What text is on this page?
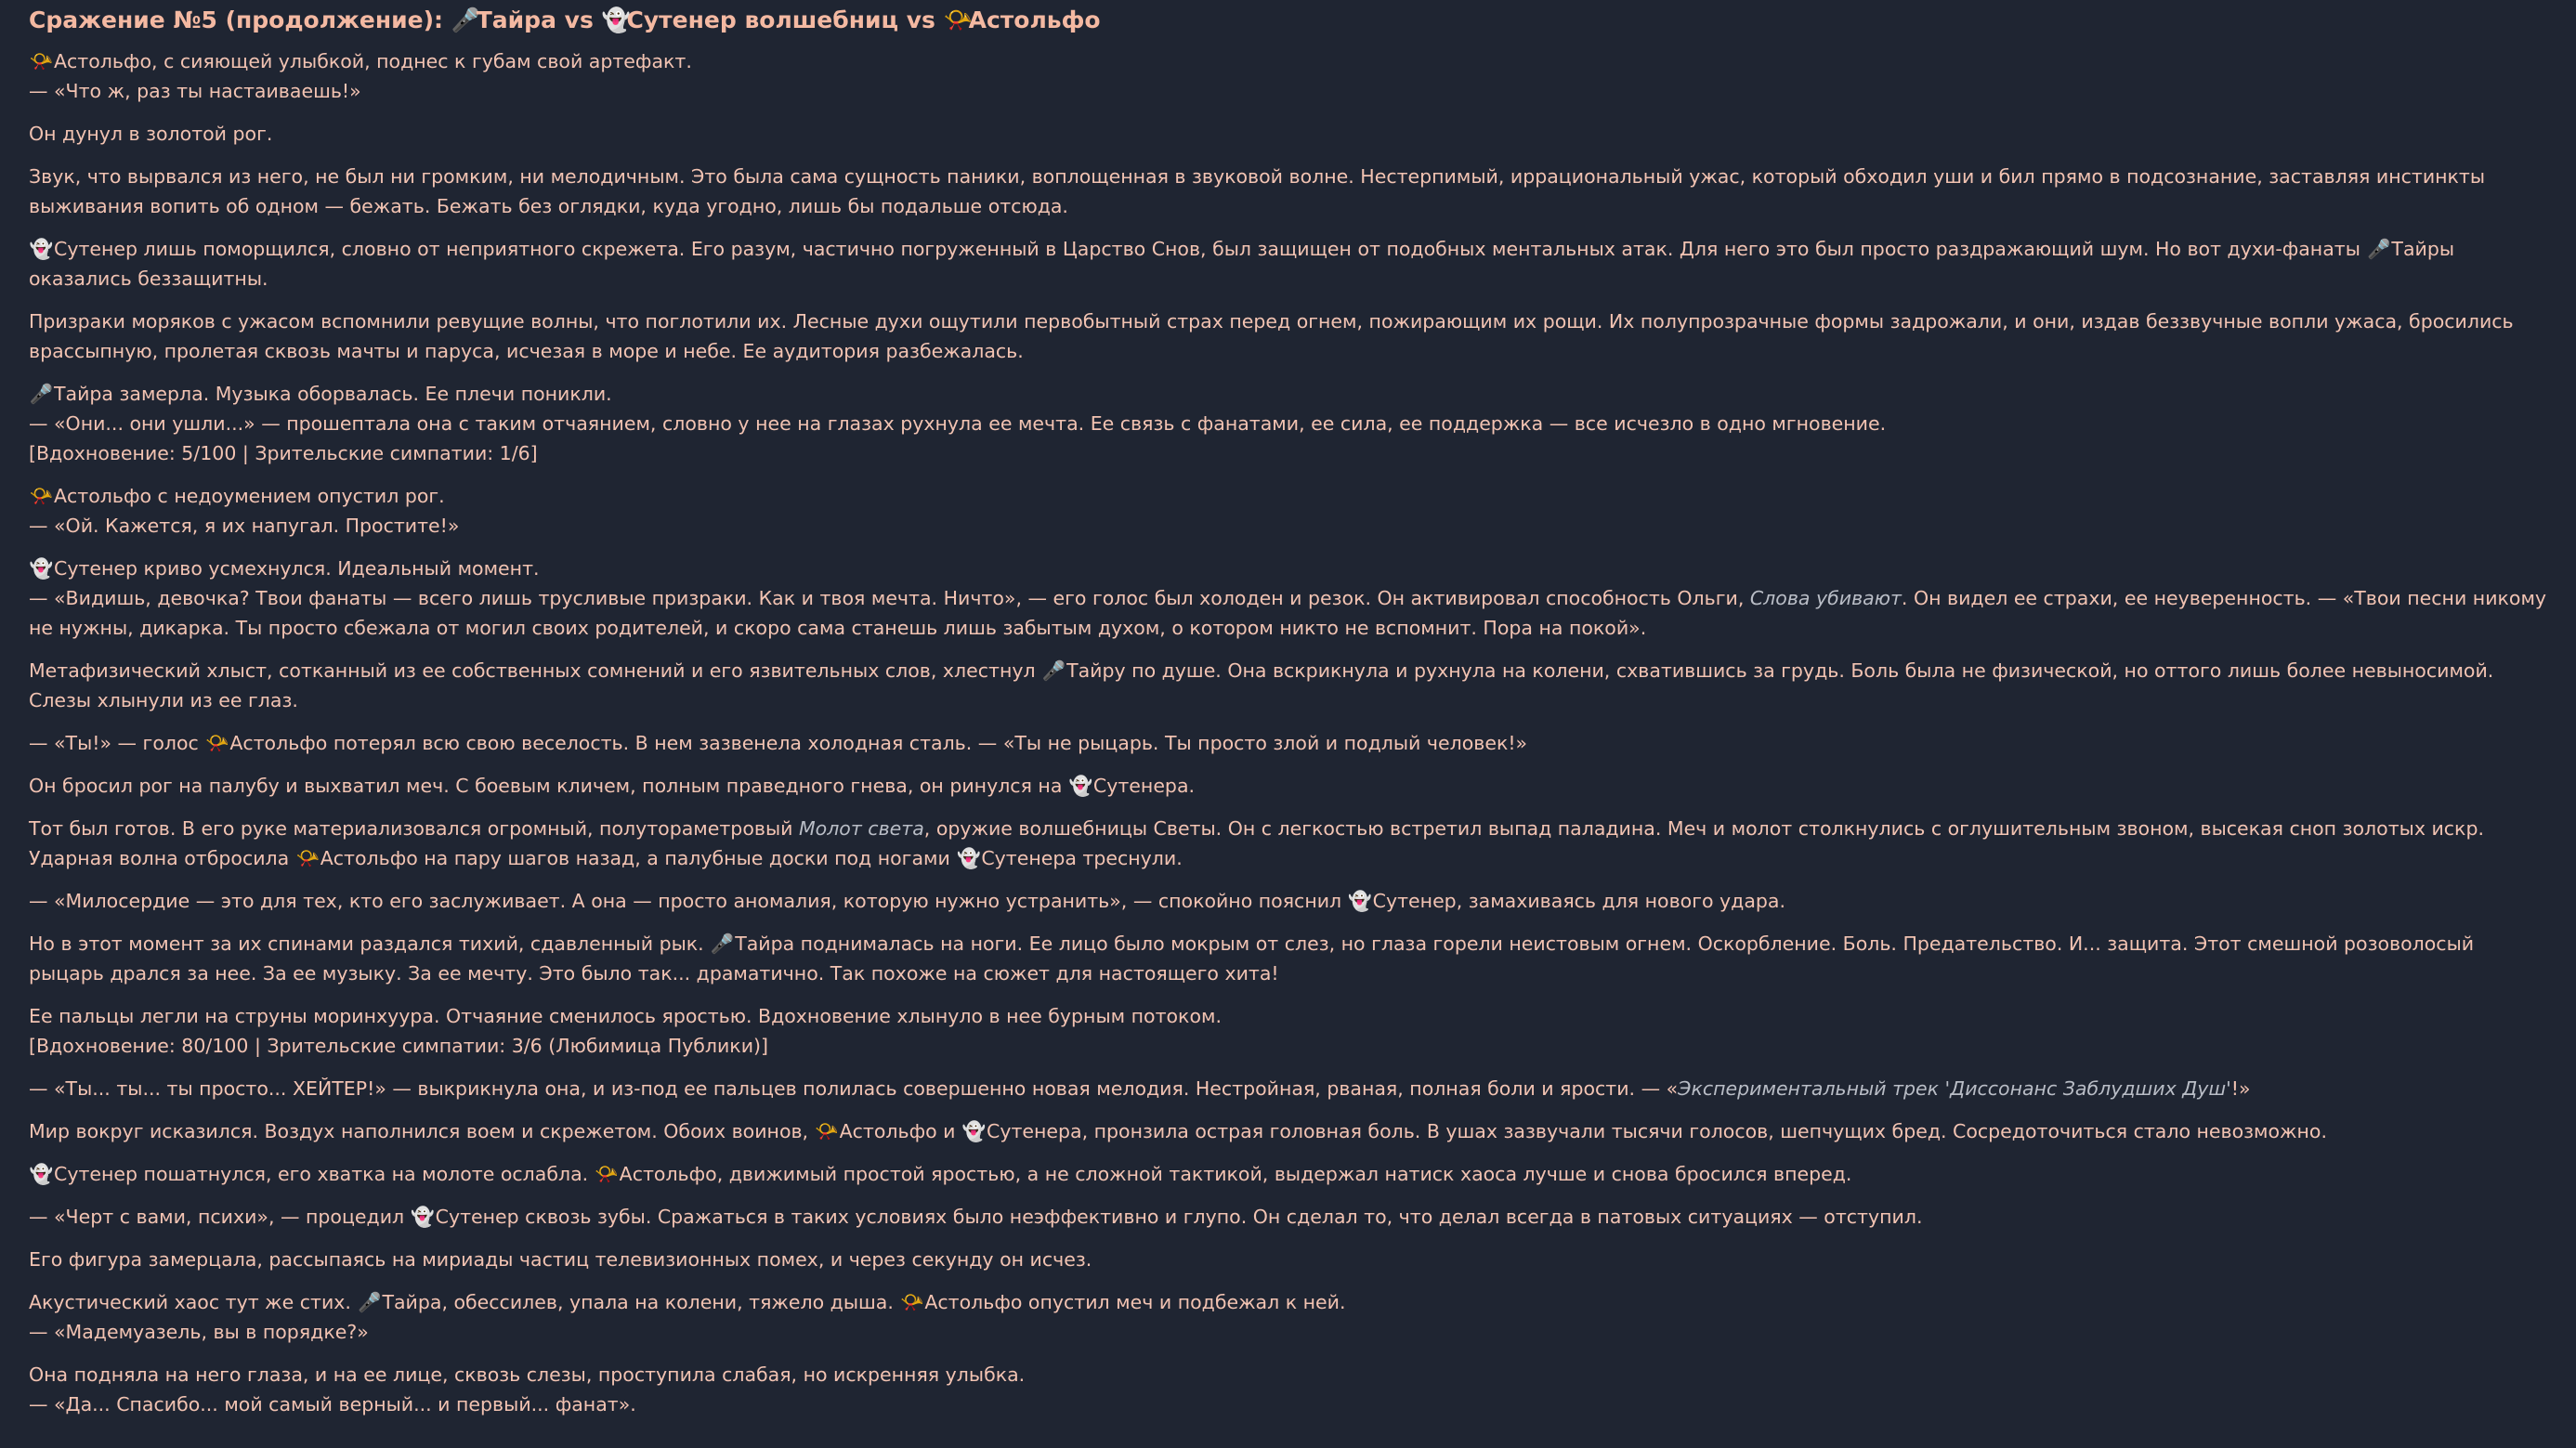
Сражение №5 (продолжение): 🎤Тайра vs 👻Сутенер волшебниц vs 📯Астольфо
📯Астольфо, с сияющей улыбкой, поднес к губам свой артефакт.
— «Что ж, раз ты настаиваешь!»
Он дунул в золотой рог.
Звук, что вырвался из него, не был ни громким, ни мелодичным. Это была сама сущность паники, воплощенная в звуковой волне. Нестерпимый, иррациональный ужас, который обходил уши и бил прямо в подсознание, заставляя инстинкты выживания вопить об одном — бежать. Бежать без оглядки, куда угодно, лишь бы подальше отсюда.
👻Сутенер лишь поморщился, словно от неприятного скрежета. Его разум, частично погруженный в Царство Снов, был защищен от подобных ментальных атак. Для него это был просто раздражающий шум. Но вот духи-фанаты 🎤Тайры оказались беззащитны.
Призраки моряков с ужасом вспомнили ревущие волны, что поглотили их. Лесные духи ощутили первобытный страх перед огнем, пожирающим их рощи. Их полупрозрачные формы задрожали, и они, издав беззвучные вопли ужаса, бросились врассыпную, пролетая сквозь мачты и паруса, исчезая в море и небе. Ее аудитория разбежалась.
🎤Тайра замерла. Музыка оборвалась. Ее плечи поникли.
— «Они... они ушли...» — прошептала она с таким отчаянием, словно у нее на глазах рухнула ее мечта. Ее связь с фанатами, ее сила, ее поддержка — все исчезло в одно мгновение.
[Вдохновение: 5/100 | Зрительские симпатии: 1/6]
📯Астольфо с недоумением опустил рог.
— «Ой. Кажется, я их напугал. Простите!»
👻Сутенер криво усмехнулся. Идеальный момент.
— «Видишь, девочка? Твои фанаты — всего лишь трусливые призраки. Как и твоя мечта. Ничто», — его голос был холоден и резок. Он активировал способность Ольги, Слова убивают. Он видел ее страхи, ее неуверенность. — «Твои песни никому не нужны, дикарка. Ты просто сбежала от могил своих родителей, и скоро сама станешь лишь забытым духом, о котором никто не вспомнит. Пора на покой».
Метафизический хлыст, сотканный из ее собственных сомнений и его язвительных слов, хлестнул 🎤Тайру по душе. Она вскрикнула и рухнула на колени, схватившись за грудь. Боль была не физической, но оттого лишь более невыносимой. Слезы хлынули из ее глаз.
— «Ты!» — голос 📯Астольфо потерял всю свою веселость. В нем зазвенела холодная сталь. — «Ты не рыцарь. Ты просто злой и подлый человек!»
Он бросил рог на палубу и выхватил меч. С боевым кличем, полным праведного гнева, он ринулся на 👻Сутенера.
Тот был готов. В его руке материализовался огромный, полутораметровый Молот света, оружие волшебницы Светы. Он с легкостью встретил выпад паладина. Меч и молот столкнулись с оглушительным звоном, высекая сноп золотых искр. Ударная волна отбросила 📯Астольфо на пару шагов назад, а палубные доски под ногами 👻Сутенера треснули.
— «Милосердие — это для тех, кто его заслуживает. А она — просто аномалия, которую нужно устранить», — спокойно пояснил 👻Сутенер, замахиваясь для нового удара.
Но в этот момент за их спинами раздался тихий, сдавленный рык. 🎤Тайра поднималась на ноги. Ее лицо было мокрым от слез, но глаза горели неистовым огнем. Оскорбление. Боль. Предательство. И... защита. Этот смешной розоволосый рыцарь дрался за нее. За ее музыку. За ее мечту. Это было так... драматично. Так похоже на сюжет для настоящего хита!
Ее пальцы легли на струны моринхуура. Отчаяние сменилось яростью. Вдохновение хлынуло в нее бурным потоком.
[Вдохновение: 80/100 | Зрительские симпатии: 3/6 (Любимица Публики)]
— «Ты... ты... ты просто... ХЕЙТЕР!» — выкрикнула она, и из-под ее пальцев полилась совершенно новая мелодия. Нестройная, рваная, полная боли и ярости. — «Экспериментальный трек 'Диссонанс Заблудших Душ'!»
Мир вокруг исказился. Воздух наполнился воем и скрежетом. Обоих воинов, 📯Астольфо и 👻Сутенера, пронзила острая головная боль. В ушах зазвучали тысячи голосов, шепчущих бред. Сосредоточиться стало невозможно.
👻Сутенер пошатнулся, его хватка на молоте ослабла. 📯Астольфо, движимый простой яростью, а не сложной тактикой, выдержал натиск хаоса лучше и снова бросился вперед.
— «Черт с вами, психи», — процедил 👻Сутенер сквозь зубы. Сражаться в таких условиях было неэффективно и глупо. Он сделал то, что делал всегда в патовых ситуациях — отступил.
Его фигура замерцала, рассыпаясь на мириады частиц телевизионных помех, и через секунду он исчез.
Акустический хаос тут же стих. 🎤Тайра, обессилев, упала на колени, тяжело дыша. 📯Астольфо опустил меч и подбежал к ней.
— «Мадемуазель, вы в порядке?»
Она подняла на него глаза, и на ее лице, сквозь слезы, проступила слабая, но искренняя улыбка.
— «Да... Спасибо... мой самый верный... и первый... фанат».
